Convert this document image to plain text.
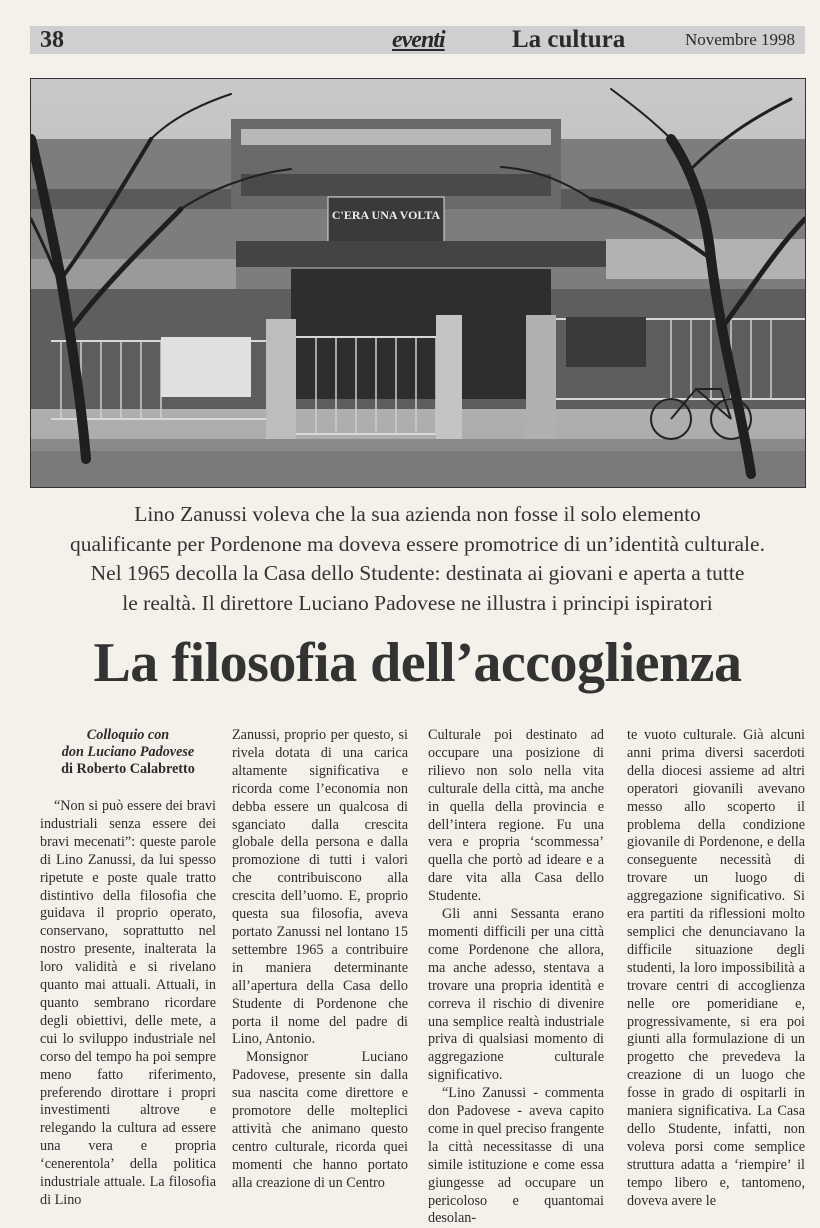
38	eventi	La cultura	Novembre 1998
C'ERA UNA VOLTA
Lino Zanussi voleva che la sua azienda non fosse il solo elemento
qualificante per Pordenone ma doveva essere promotrice di un’identità culturale.
Nel 1965 decolla la Casa dello Studente: destinata ai giovani e aperta a tutte
le realtà. Il direttore Luciano Padovese ne illustra i principi ispiratori
La filosofia dell’accoglienza
Colloquio con
don Luciano Padovese
di Roberto Calabretto

“Non si può essere dei bravi industriali senza essere dei bravi mecenati”: queste parole di Lino Zanussi, da lui spesso ripetute e poste quale tratto distintivo della filosofia che guidava il proprio operato, conservano, soprattutto nel nostro presente, inalterata la loro validità e si rivelano quanto mai attuali. Attuali, in quanto sembrano ricordare degli obiettivi, delle mete, a cui lo sviluppo industriale nel corso del tempo ha poi sempre meno fatto riferimento, preferendo dirottare i propri investimenti altrove e relegando la cultura ad essere una vera e propria ‘cenerentola’ della politica industriale attuale. La filosofia di Lino

Zanussi, proprio per questo, si rivela dotata di una carica altamente significativa e ricorda come l’economia non debba essere un qualcosa di sganciato dalla crescita globale della persona e dalla promozione di tutti i valori che contribuiscono alla crescita dell’uomo. E, proprio questa sua filosofia, aveva portato Zanussi nel lontano 15 settembre 1965 a contribuire in maniera determinante all’apertura della Casa dello Studente di Pordenone che porta il nome del padre di Lino, Antonio.

Monsignor Luciano Padovese, presente sin dalla sua nascita come direttore e promotore delle molteplici attività che animano questo centro culturale, ricorda quei momenti che hanno portato alla creazione di un Centro

Culturale poi destinato ad occupare una posizione di rilievo non solo nella vita culturale della città, ma anche in quella della provincia e dell’intera regione. Fu una vera e propria ‘scommessa’ quella che portò ad ideare e a dare vita alla Casa dello Studente.

Gli anni Sessanta erano momenti difficili per una città come Pordenone che allora, ma anche adesso, stentava a trovare una propria identità e correva il rischio di divenire una semplice realtà industriale priva di qualsiasi momento di aggregazione culturale significativo.

“Lino Zanussi - commenta don Padovese - aveva capito come in quel preciso frangente la città necessitasse di una simile istituzione e come essa giungesse ad occupare un pericoloso e quantomai desolan-

te vuoto culturale. Già alcuni anni prima diversi sacerdoti della diocesi assieme ad altri operatori giovanili avevano messo allo scoperto il problema della condizione giovanile di Pordenone, e della conseguente necessità di trovare un luogo di aggregazione significativo. Si era partiti da riflessioni molto semplici che denunciavano la difficile situazione degli studenti, la loro impossibilità a trovare centri di accoglienza nelle ore pomeridiane e, progressivamente, si era poi giunti alla formulazione di un progetto che prevedeva la creazione di un luogo che fosse in grado di ospitarli in maniera significativa. La Casa dello Studente, infatti, non voleva porsi come semplice struttura adatta a ‘riempire’ il tempo libero e, tantomeno, doveva avere le
